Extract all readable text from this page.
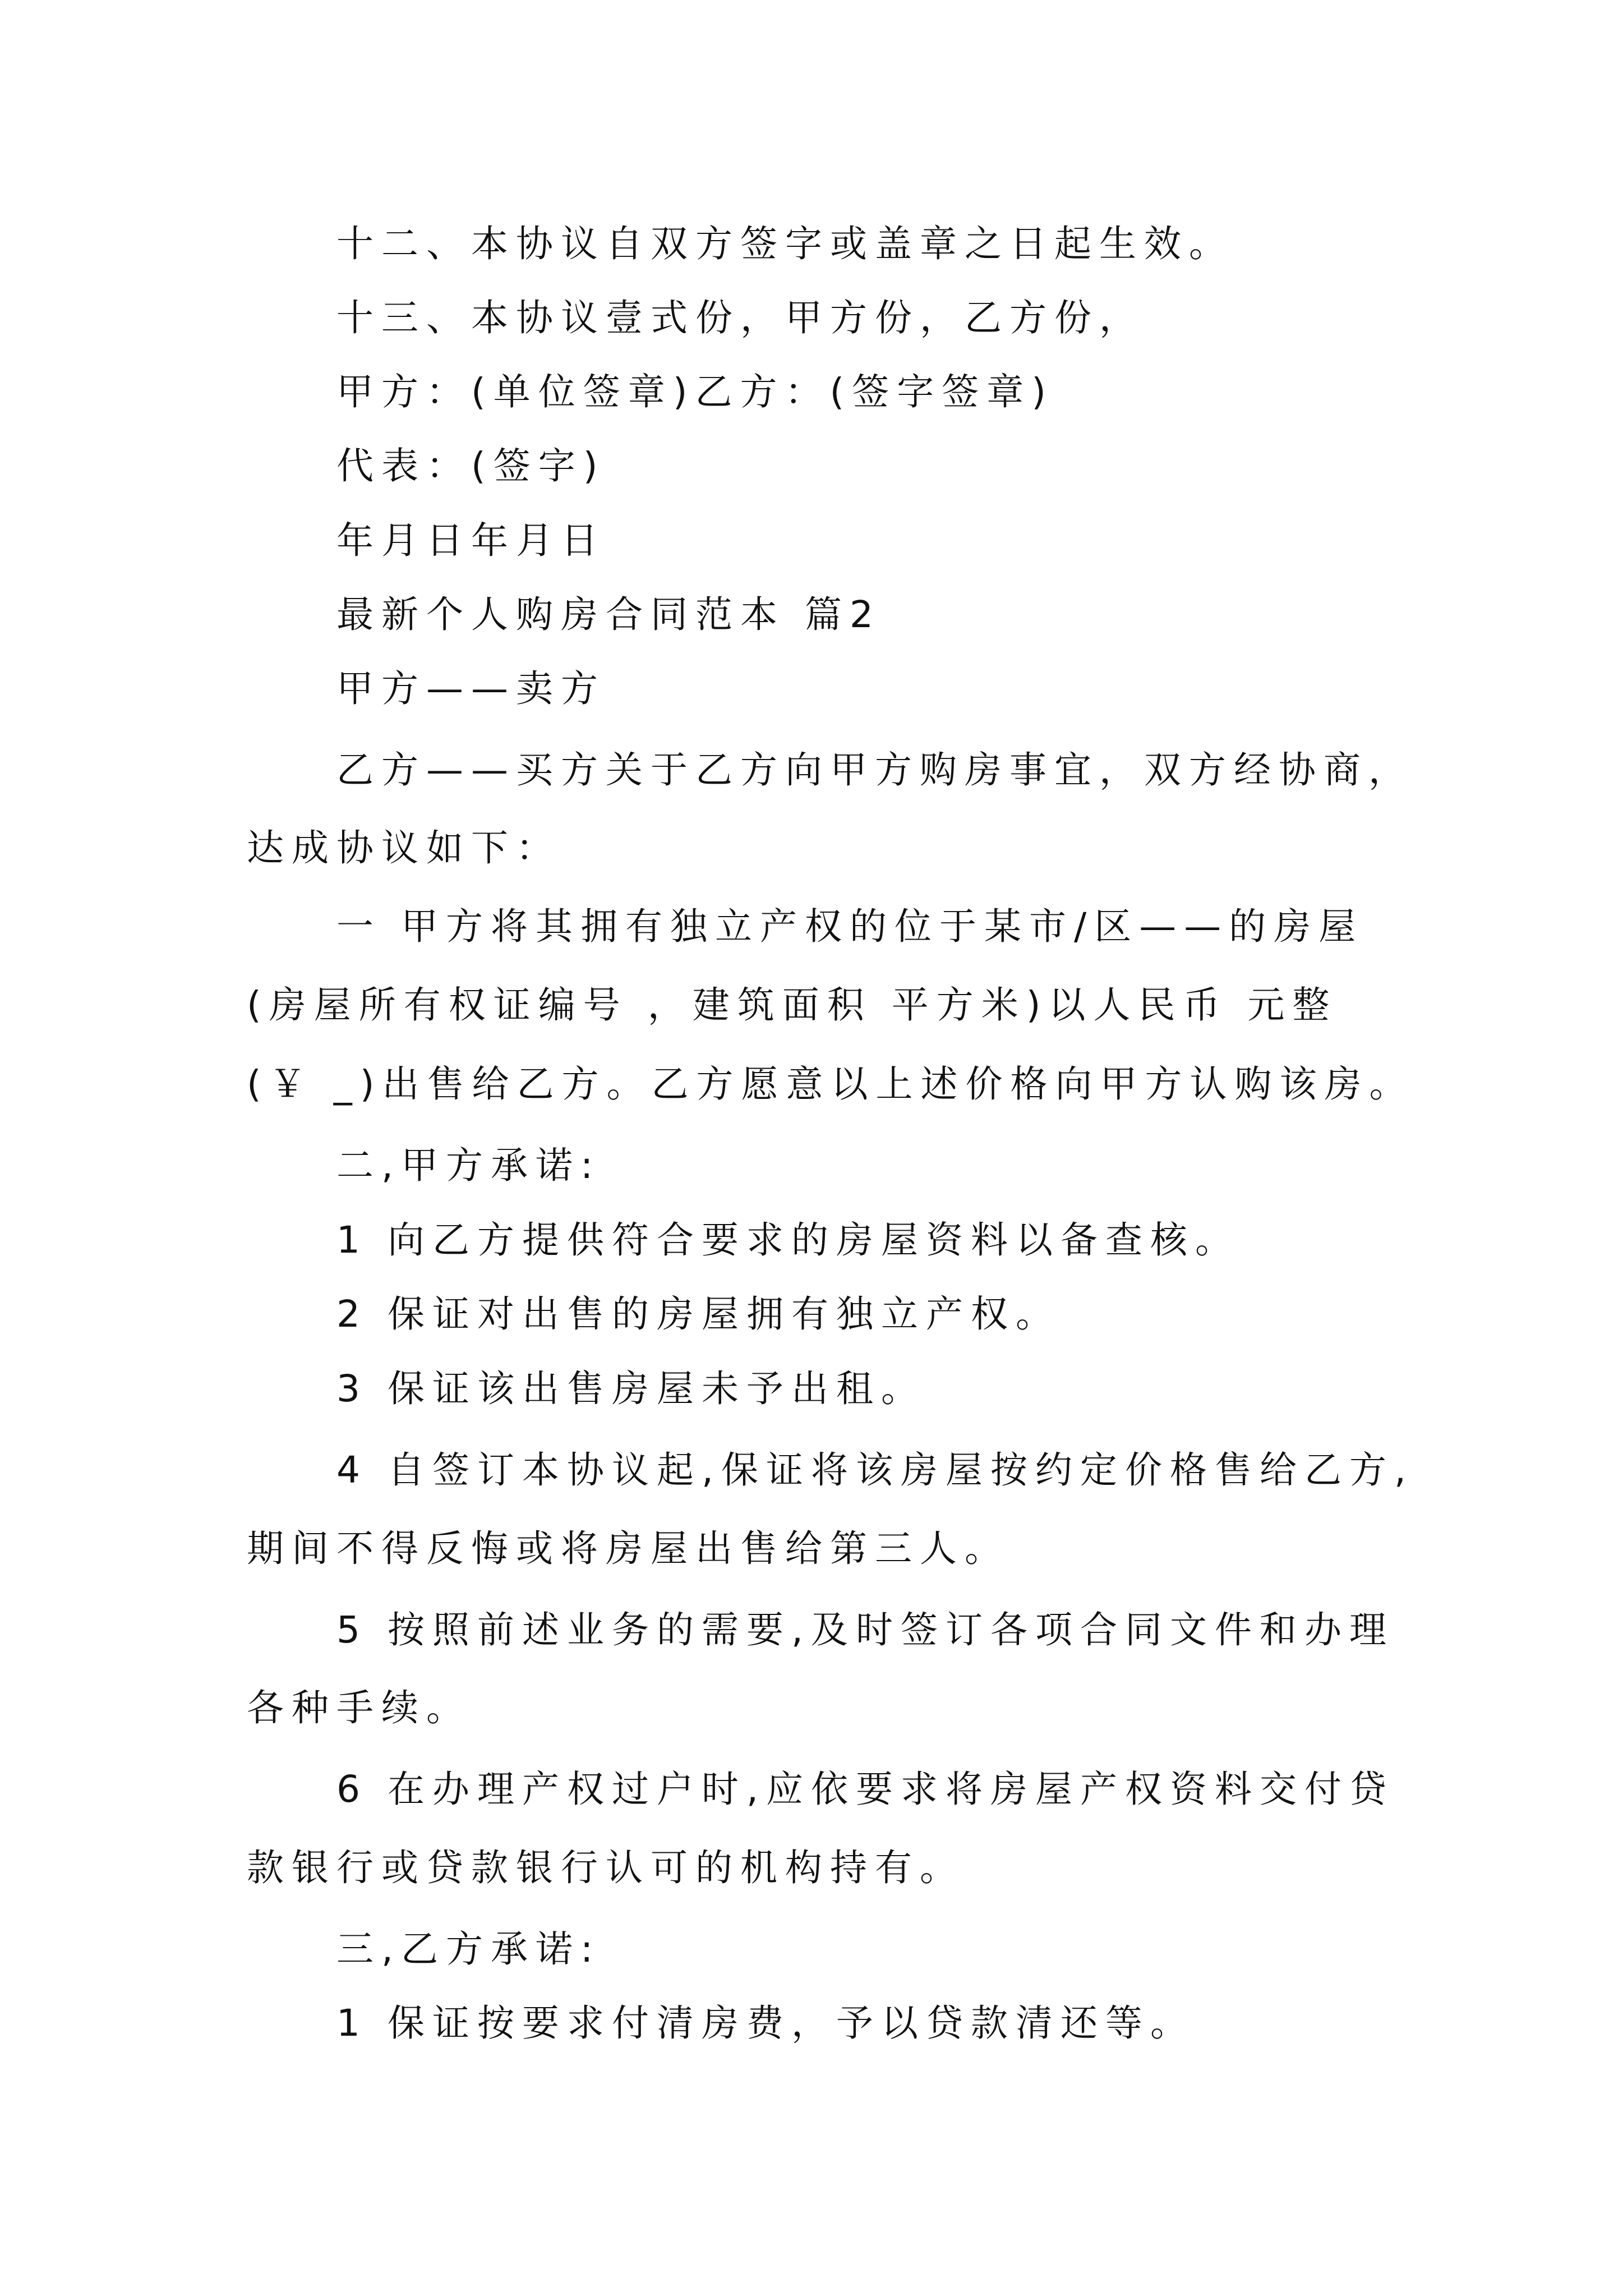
十二、本协议自双方签字或盖章之日起生效。

十三、本协议壹式份，甲方份，乙方份，

甲方：(单位签章)乙方：(签字签章)

代表：(签字)

年月日年月日

最新个人购房合同范本 篇2

甲方——卖方

乙方——买方关于乙方向甲方购房事宜，双方经协商，

达成协议如下：

一 甲方将其拥有独立产权的位于某市/区——的房屋

(房屋所有权证编号 ，建筑面积 平方米)以人民币 元整

(￥ _)出售给乙方。乙方愿意以上述价格向甲方认购该房。

二,甲方承诺:

1 向乙方提供符合要求的房屋资料以备查核。

2 保证对出售的房屋拥有独立产权。

3 保证该出售房屋未予出租。

4 自签订本协议起,保证将该房屋按约定价格售给乙方,

期间不得反悔或将房屋出售给第三人。

5 按照前述业务的需要,及时签订各项合同文件和办理

各种手续。

6 在办理产权过户时,应依要求将房屋产权资料交付贷

款银行或贷款银行认可的机构持有。

三,乙方承诺:

1 保证按要求付清房费，予以贷款清还等。
